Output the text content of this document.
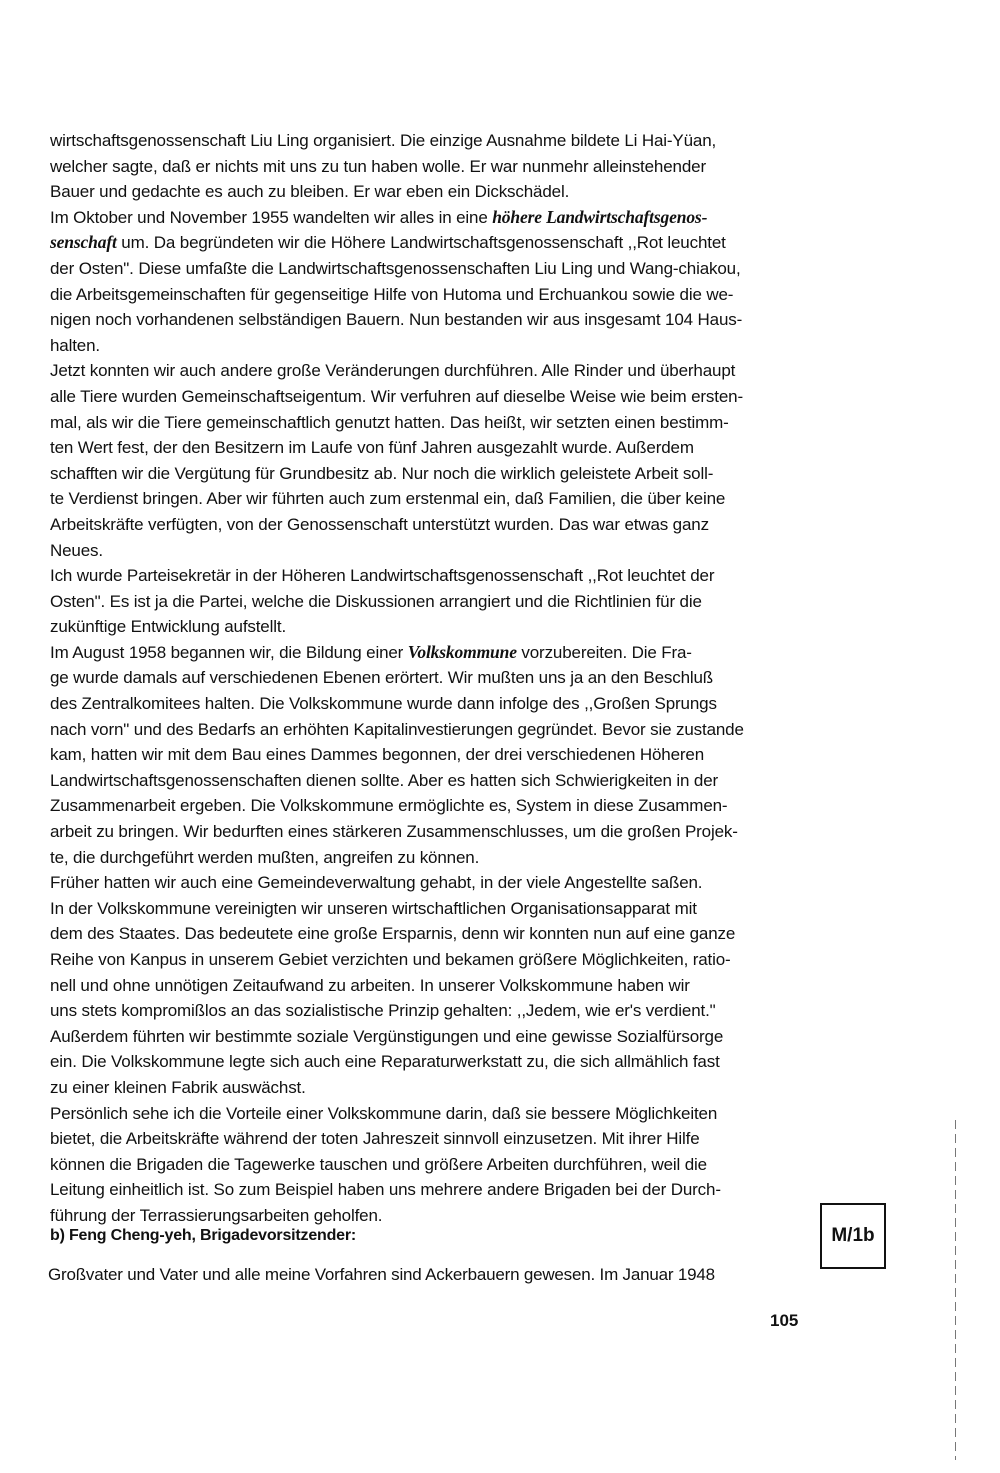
wirtschaftsgenossenschaft Liu Ling organisiert. Die einzige Ausnahme bildete Li Hai-Yüan,
welcher sagte, daß er nichts mit uns zu tun haben wolle. Er war nunmehr alleinstehender
Bauer und gedachte es auch zu bleiben. Er war eben ein Dickschädel.
Im Oktober und November 1955 wandelten wir alles in eine höhere Landwirtschaftsgenos-
senschaft um. Da begründeten wir die Höhere Landwirtschaftsgenossenschaft ,,Rot leuchtet
der Osten". Diese umfaßte die Landwirtschaftsgenossenschaften Liu Ling und Wang-chiakou,
die Arbeitsgemeinschaften für gegenseitige Hilfe von Hutoma und Erchuankou sowie die we-
nigen noch vorhandenen selbständigen Bauern. Nun bestanden wir aus insgesamt 104 Haus-
halten.
Jetzt konnten wir auch andere große Veränderungen durchführen. Alle Rinder und überhaupt
alle Tiere wurden Gemeinschaftseigentum. Wir verfuhren auf dieselbe Weise wie beim ersten-
mal, als wir die Tiere gemeinschaftlich genutzt hatten. Das heißt, wir setzten einen bestimm-
ten Wert fest, der den Besitzern im Laufe von fünf Jahren ausgezahlt wurde. Außerdem
schafften wir die Vergütung für Grundbesitz ab. Nur noch die wirklich geleistete Arbeit soll-
te Verdienst bringen. Aber wir führten auch zum erstenmal ein, daß Familien, die über keine
Arbeitskräfte verfügten, von der Genossenschaft unterstützt wurden. Das war etwas ganz
Neues.
Ich wurde Parteisekretär in der Höheren Landwirtschaftsgenossenschaft ,,Rot leuchtet der
Osten". Es ist ja die Partei, welche die Diskussionen arrangiert und die Richtlinien für die
zukünftige Entwicklung aufstellt.
Im August 1958 begannen wir, die Bildung einer Volkskommune vorzubereiten. Die Fra-
ge wurde damals auf verschiedenen Ebenen erörtert. Wir mußten uns ja an den Beschluß
des Zentralkomitees halten. Die Volkskommune wurde dann infolge des ,,Großen Sprungs
nach vorn" und des Bedarfs an erhöhten Kapitalinvestierungen gegründet. Bevor sie zustande
kam, hatten wir mit dem Bau eines Dammes begonnen, der drei verschiedenen Höheren
Landwirtschaftsgenossenschaften dienen sollte. Aber es hatten sich Schwierigkeiten in der
Zusammenarbeit ergeben. Die Volkskommune ermöglichte es, System in diese Zusammen-
arbeit zu bringen. Wir bedurften eines stärkeren Zusammenschlusses, um die großen Projek-
te, die durchgeführt werden mußten, angreifen zu können.
Früher hatten wir auch eine Gemeindeverwaltung gehabt, in der viele Angestellte saßen.
In der Volkskommune vereinigten wir unseren wirtschaftlichen Organisationsapparat mit
dem des Staates. Das bedeutete eine große Ersparnis, denn wir konnten nun auf eine ganze
Reihe von Kanpus in unserem Gebiet verzichten und bekamen größere Möglichkeiten, ratio-
nell und ohne unnötigen Zeitaufwand zu arbeiten. In unserer Volkskommune haben wir
uns stets kompromißlos an das sozialistische Prinzip gehalten: ,,Jedem, wie er's verdient."
Außerdem führten wir bestimmte soziale Vergünstigungen und eine gewisse Sozialfürsorge
ein. Die Volkskommune legte sich auch eine Reparaturwerkstatt zu, die sich allmählich fast
zu einer kleinen Fabrik auswächst.
Persönlich sehe ich die Vorteile einer Volkskommune darin, daß sie bessere Möglichkeiten
bietet, die Arbeitskräfte während der toten Jahreszeit sinnvoll einzusetzen. Mit ihrer Hilfe
können die Brigaden die Tagewerke tauschen und größere Arbeiten durchführen, weil die
Leitung einheitlich ist. So zum Beispiel haben uns mehrere andere Brigaden bei der Durch-
führung der Terrassierungsarbeiten geholfen.
b) Feng Cheng-yeh, Brigadevorsitzender:
Großvater und Vater und alle meine Vorfahren sind Ackerbauern gewesen. Im Januar 1948
105
M/1b
